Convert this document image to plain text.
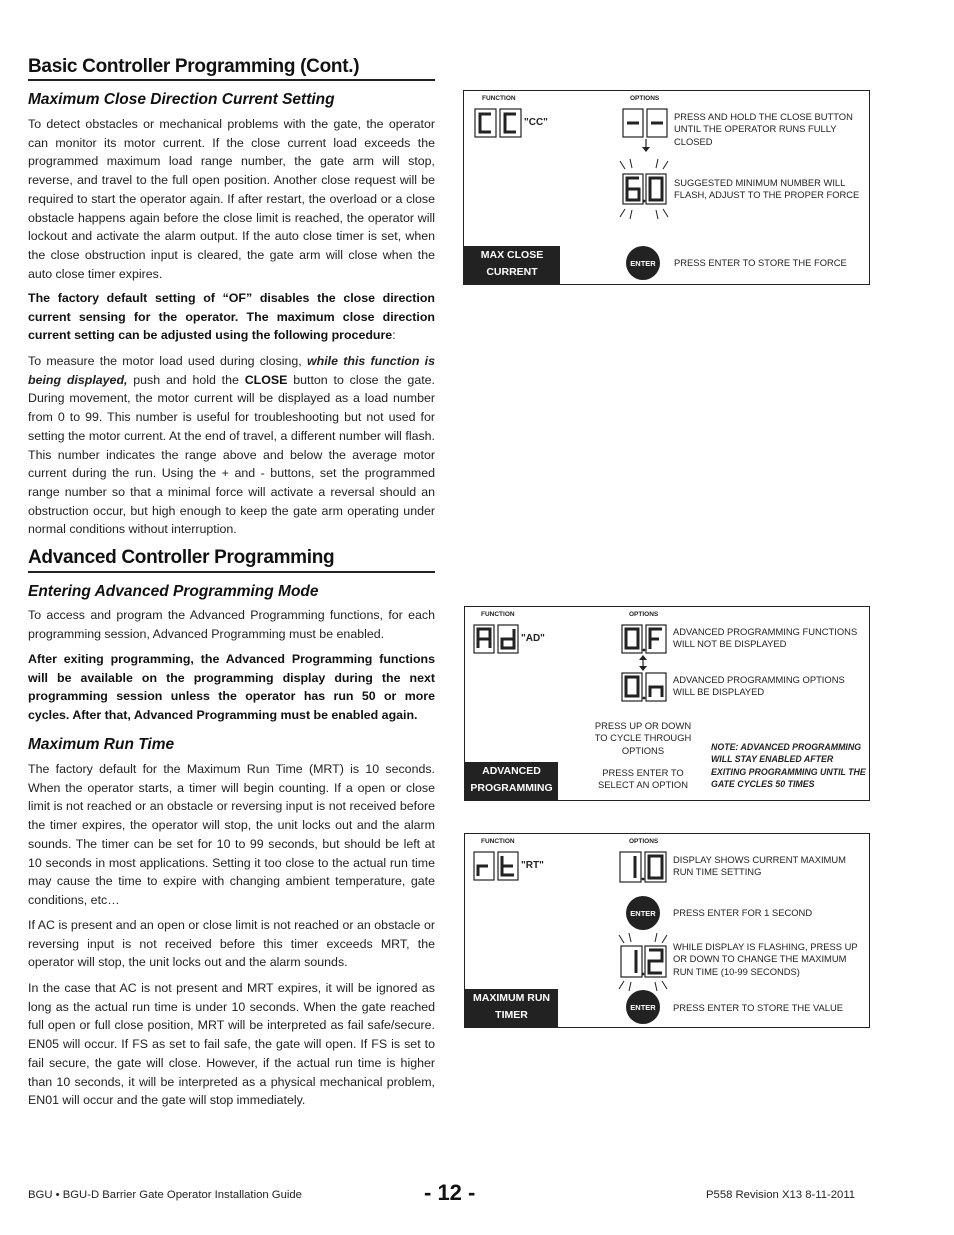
Basic Controller Programming (Cont.)
Maximum Close Direction Current Setting

To detect obstacles or mechanical problems with the gate, the operator can monitor its motor current. If the close current load exceeds the programmed maximum load range number, the gate arm will stop, reverse, and travel to the full open position. Another close request will be required to start the operator again. If after restart, the overload or a close obstacle happens again before the close limit is reached, the operator will lockout and activate the alarm output. If the auto close timer is set, when the close obstruction input is cleared, the gate arm will close when the auto close timer expires.

The factory default setting of “OF” disables the close direction current sensing for the operator. The maximum close direction current setting can be adjusted using the following procedure:

To measure the motor load used during closing, while this function is being displayed, push and hold the CLOSE button to close the gate. During movement, the motor current will be displayed as a load number from 0 to 99. This number is useful for troubleshooting but not used for setting the motor current. At the end of travel, a different number will flash. This number indicates the range above and below the average motor current during the run. Using the + and - buttons, set the programmed range number so that a minimal force will activate a reversal should an obstruction occur, but high enough to keep the gate arm operating under normal conditions without interruption.

Advanced Controller Programming
Entering Advanced Programming Mode

To access and program the Advanced Programming functions, for each programming session, Advanced Programming must be enabled.

After exiting programming, the Advanced Programming functions will be available on the programming display during the next programming session unless the operator has run 50 or more cycles. After that, Advanced Programming must be enabled again.

Maximum Run Time

The factory default for the Maximum Run Time (MRT) is 10 seconds. When the operator starts, a timer will begin counting. If a open or close limit is not reached or an obstacle or reversing input is not received before the timer expires, the operator will stop, the unit locks out and the alarm sounds. The timer can be set for 10 to 99 seconds, but should be left at 10 seconds in most applications. Setting it too close to the actual run time may cause the time to expire with changing ambient temperature, gate conditions, etc…

If AC is present and an open or close limit is not reached or an obstacle or reversing input is not received before this timer exceeds MRT, the operator will stop, the unit locks out and the alarm sounds.

In the case that AC is not present and MRT expires, it will be ignored as long as the actual run time is under 10 seconds. When the gate reached full open or full close position, MRT will be interpreted as fail safe/secure. EN05 will occur. If FS as set to fail safe, the gate will open. If FS is set to fail secure, the gate will close. However, if the actual run time is higher than 10 seconds, it will be interpreted as a physical mechanical problem, EN01 will occur and the gate will stop immediately.

FUNCTION	OPTIONS
"CC"
PRESS AND HOLD THE CLOSE BUTTON UNTIL THE OPERATOR RUNS FULLY CLOSED
SUGGESTED MINIMUM NUMBER WILL FLASH, ADJUST TO THE PROPER FORCE
ENTER	PRESS ENTER TO STORE THE FORCE
MAX CLOSE
CURRENT
FUNCTION	OPTIONS
"AD"
ADVANCED PROGRAMMING FUNCTIONS WILL NOT BE DISPLAYED
ADVANCED PROGRAMMING OPTIONS WILL BE DISPLAYED
PRESS UP OR DOWN TO CYCLE THROUGH OPTIONS
PRESS ENTER TO SELECT AN OPTION
NOTE: ADVANCED PROGRAMMING WILL STAY ENABLED AFTER EXITING PROGRAMMING UNTIL THE GATE CYCLES 50 TIMES
ADVANCED
PROGRAMMING
FUNCTION	OPTIONS
"RT"
DISPLAY SHOWS CURRENT MAXIMUM RUN TIME SETTING
ENTER	PRESS ENTER FOR 1 SECOND
WHILE DISPLAY IS FLASHING, PRESS UP OR DOWN TO CHANGE THE MAXIMUM RUN TIME (10-99 SECONDS)
ENTER	PRESS ENTER TO STORE THE VALUE
MAXIMUM RUN
TIMER
BGU • BGU-D Barrier Gate Operator Installation Guide	- 12 -	P558 Revision X13 8-11-2011
